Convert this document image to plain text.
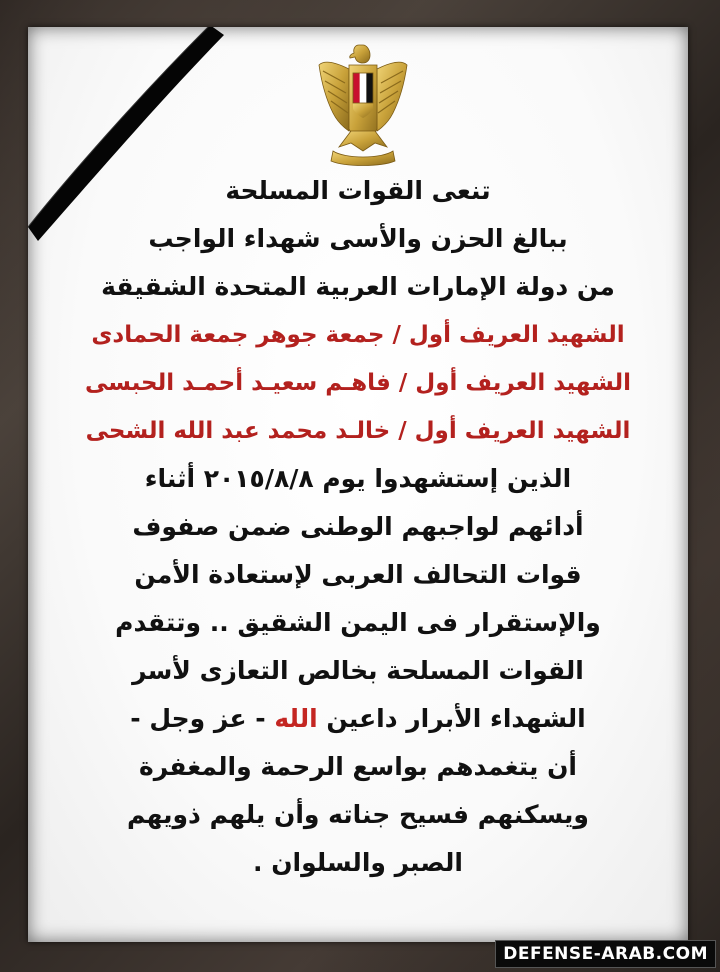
تنعى القوات المسلحة
ببالغ الحزن والأسى شهداء الواجب
من دولة الإمارات العربية المتحدة الشقيقة
الشهيد العريف أول / جمعة جوهر جمعة الحمادى
الشهيد العريف أول / فاهـم سعيـد أحمـد الحبسى
الشهيد العريف أول / خالـد محمد عبد الله الشحى
الذين إستشهدوا يوم ٢٠١٥/٨/٨ أثناء
أدائهم لواجبهم الوطنى ضمن صفوف
قوات التحالف العربى لإستعادة الأمن
والإستقرار فى اليمن الشقيق .. وتتقدم
القوات المسلحة بخالص التعازى لأسر
الشهداء الأبرار داعين الله - عز وجل -
أن يتغمدهم بواسع الرحمة والمغفرة
ويسكنهم فسيح جناته وأن يلهم ذويهم
الصبر والسلوان .
DEFENSE-ARAB.COM
